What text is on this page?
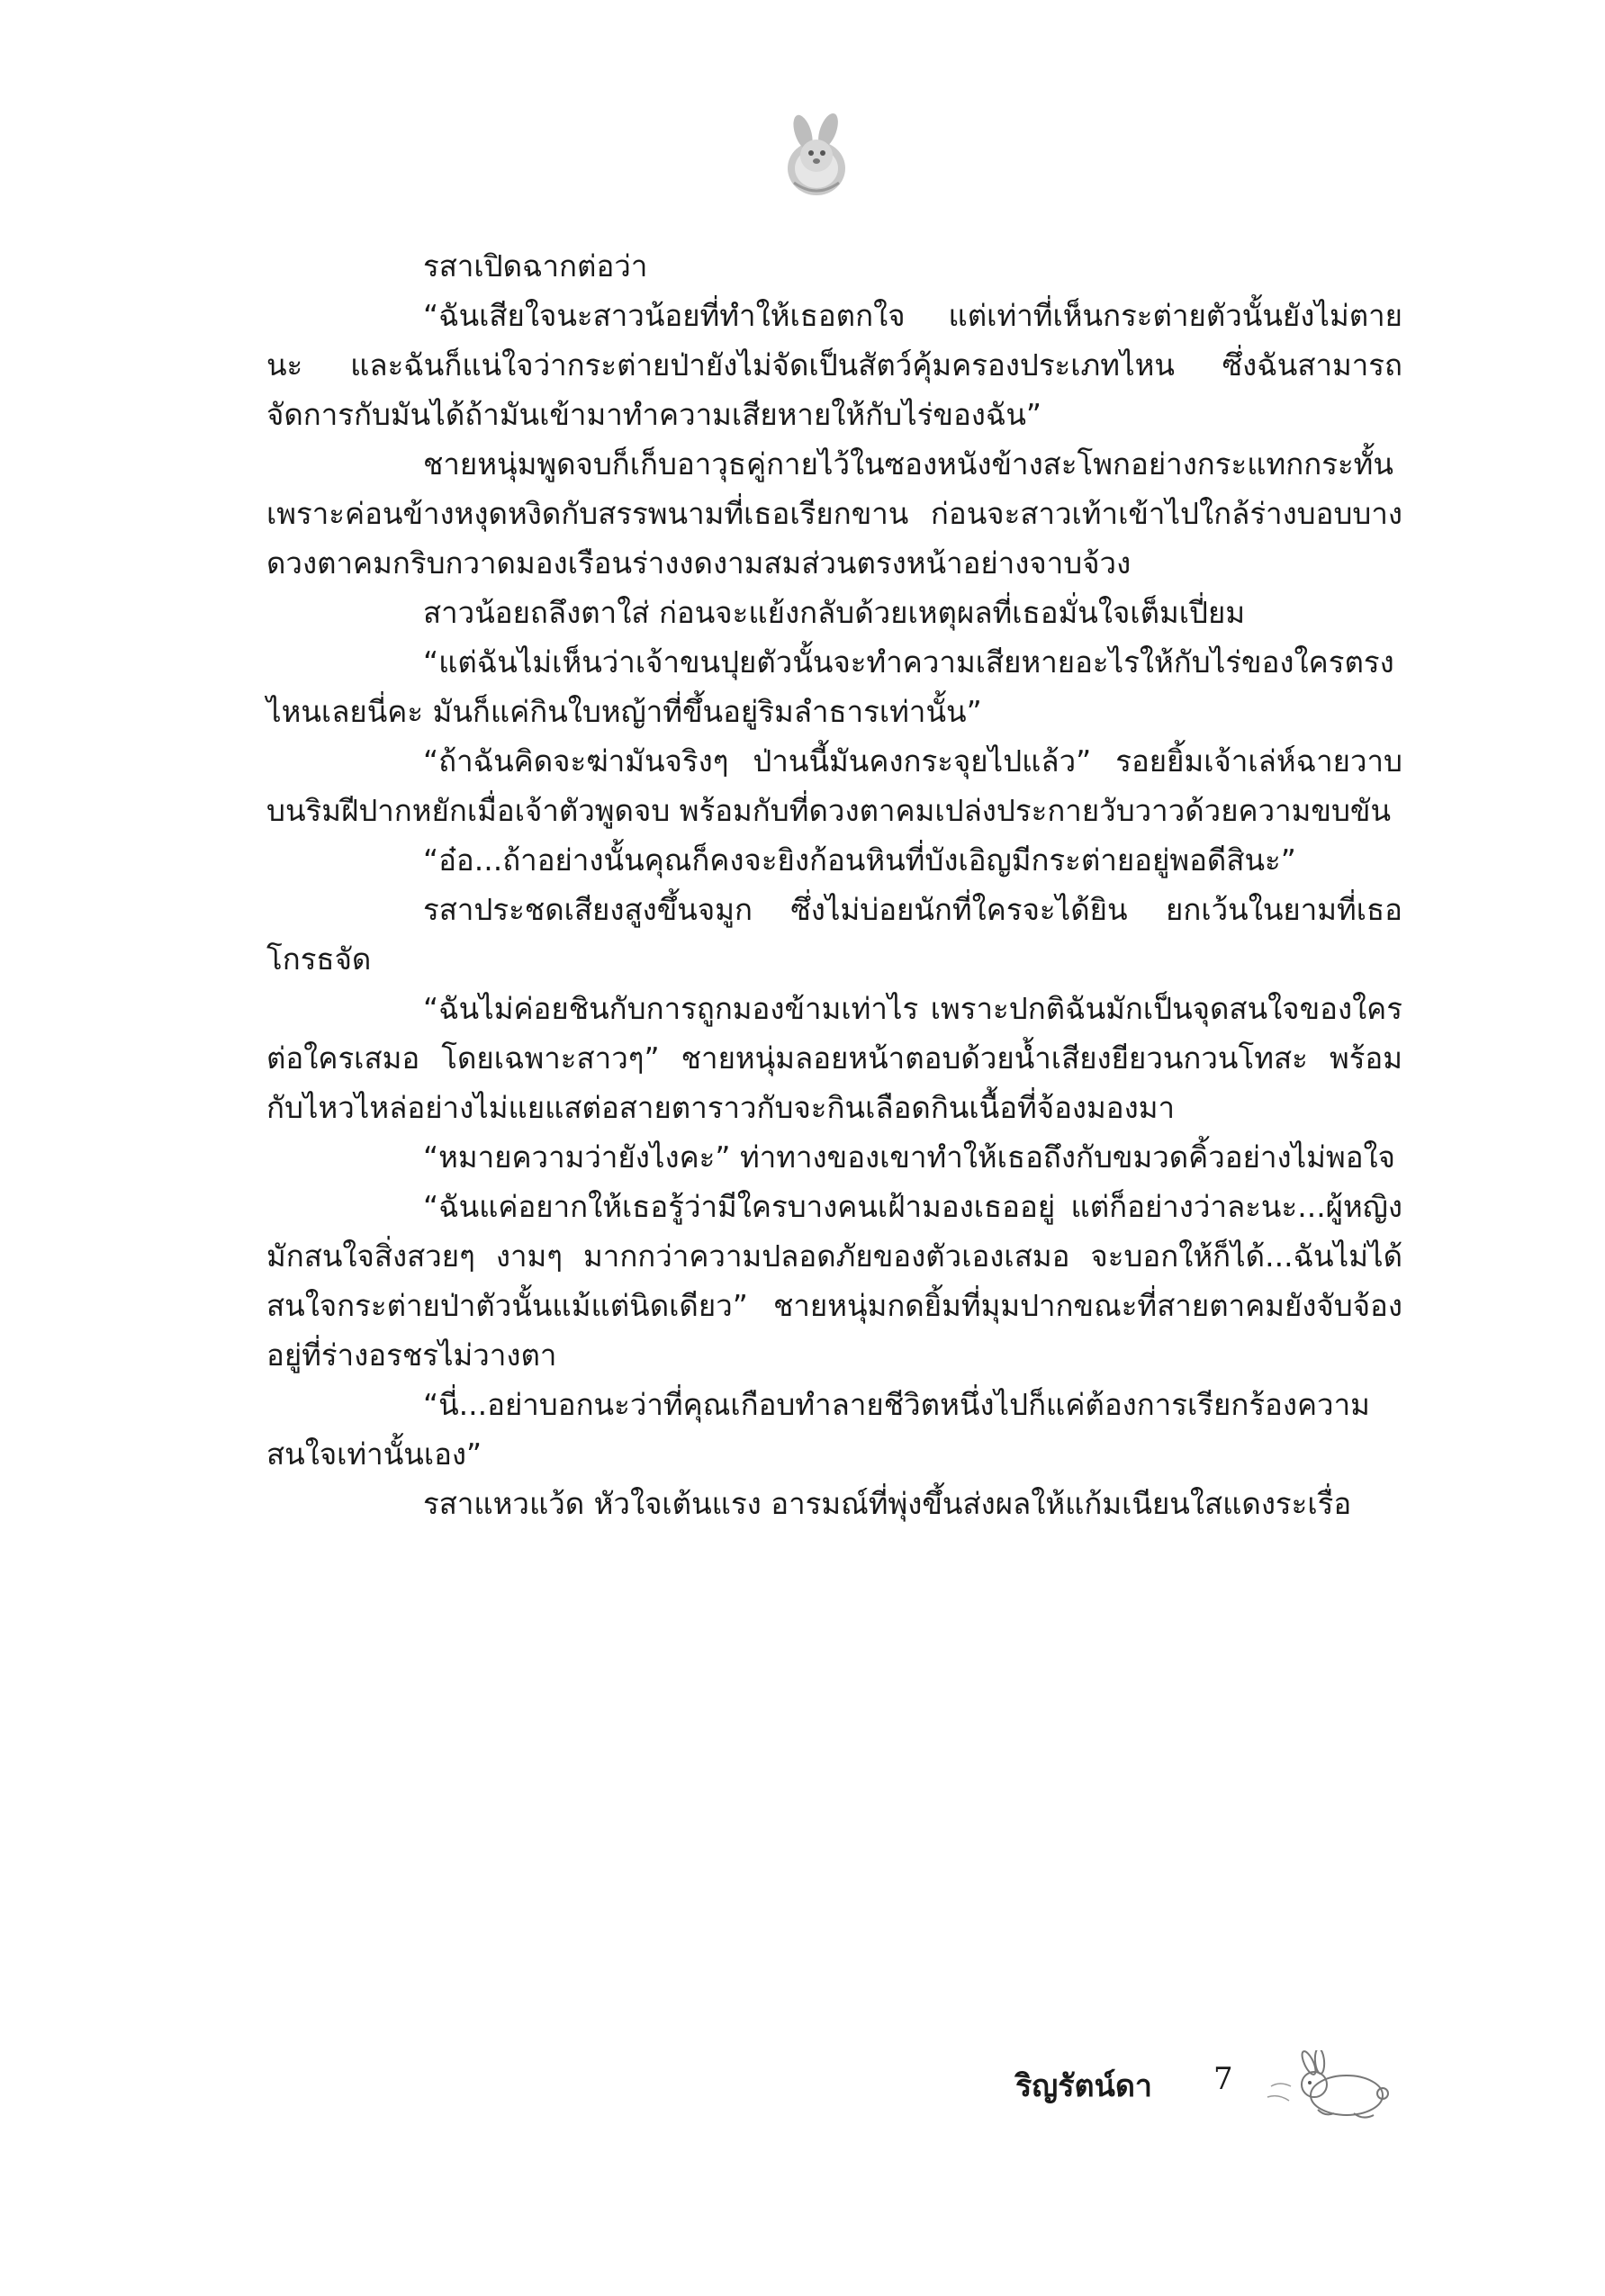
รสาเปิดฉากต่อว่า

“ฉันเสียใจนะสาวน้อยที่ทำให้เธอตกใจ แต่เท่าที่เห็นกระต่ายตัวนั้นยังไม่ตายนะ และฉันก็แน่ใจว่ากระต่ายป่ายังไม่จัดเป็นสัตว์คุ้มครองประเภทไหน ซึ่งฉันสามารถจัดการกับมันได้ถ้ามันเข้ามาทำความเสียหายให้กับไร่ของฉัน”

ชายหนุ่มพูดจบก็เก็บอาวุธคู่กายไว้ในซองหนังข้างสะโพกอย่างกระแทกกระทั้น เพราะค่อนข้างหงุดหงิดกับสรรพนามที่เธอเรียกขาน ก่อนจะสาวเท้าเข้าไปใกล้ร่างบอบบาง ดวงตาคมกริบกวาดมองเรือนร่างงดงามสมส่วนตรงหน้าอย่างจาบจ้วง

สาวน้อยถลึงตาใส่ ก่อนจะแย้งกลับด้วยเหตุผลที่เธอมั่นใจเต็มเปี่ยม

“แต่ฉันไม่เห็นว่าเจ้าขนปุยตัวนั้นจะทำความเสียหายอะไรให้กับไร่ของใครตรงไหนเลยนี่คะ มันก็แค่กินใบหญ้าที่ขึ้นอยู่ริมลำธารเท่านั้น”

“ถ้าฉันคิดจะฆ่ามันจริงๆ ป่านนี้มันคงกระจุยไปแล้ว” รอยยิ้มเจ้าเล่ห์ฉายวาบบนริมฝีปากหยักเมื่อเจ้าตัวพูดจบ พร้อมกับที่ดวงตาคมเปล่งประกายวับวาวด้วยความขบขัน

“อ๋อ...ถ้าอย่างนั้นคุณก็คงจะยิงก้อนหินที่บังเอิญมีกระต่ายอยู่พอดีสินะ”

รสาประชดเสียงสูงขึ้นจมูก ซึ่งไม่บ่อยนักที่ใครจะได้ยิน ยกเว้นในยามที่เธอโกรธจัด

“ฉันไม่ค่อยชินกับการถูกมองข้ามเท่าไร เพราะปกติฉันมักเป็นจุดสนใจของใครต่อใครเสมอ โดยเฉพาะสาวๆ” ชายหนุ่มลอยหน้าตอบด้วยน้ำเสียงยียวนกวนโทสะ พร้อมกับไหวไหล่อย่างไม่แยแสต่อสายตาราวกับจะกินเลือดกินเนื้อที่จ้องมองมา

“หมายความว่ายังไงคะ” ท่าทางของเขาทำให้เธอถึงกับขมวดคิ้วอย่างไม่พอใจ

“ฉันแค่อยากให้เธอรู้ว่ามีใครบางคนเฝ้ามองเธออยู่ แต่ก็อย่างว่าละนะ...ผู้หญิงมักสนใจสิ่งสวยๆ งามๆ มากกว่าความปลอดภัยของตัวเองเสมอ จะบอกให้ก็ได้...ฉันไม่ได้สนใจกระต่ายป่าตัวนั้นแม้แต่นิดเดียว” ชายหนุ่มกดยิ้มที่มุมปากขณะที่สายตาคมยังจับจ้องอยู่ที่ร่างอรชรไม่วางตา

“นี่...อย่าบอกนะว่าที่คุณเกือบทำลายชีวิตหนึ่งไปก็แค่ต้องการเรียกร้องความสนใจเท่านั้นเอง”

รสาแหวแว้ด หัวใจเต้นแรง อารมณ์ที่พุ่งขึ้นส่งผลให้แก้มเนียนใสแดงระเรื่อ

ริญรัตน์ดา 7
